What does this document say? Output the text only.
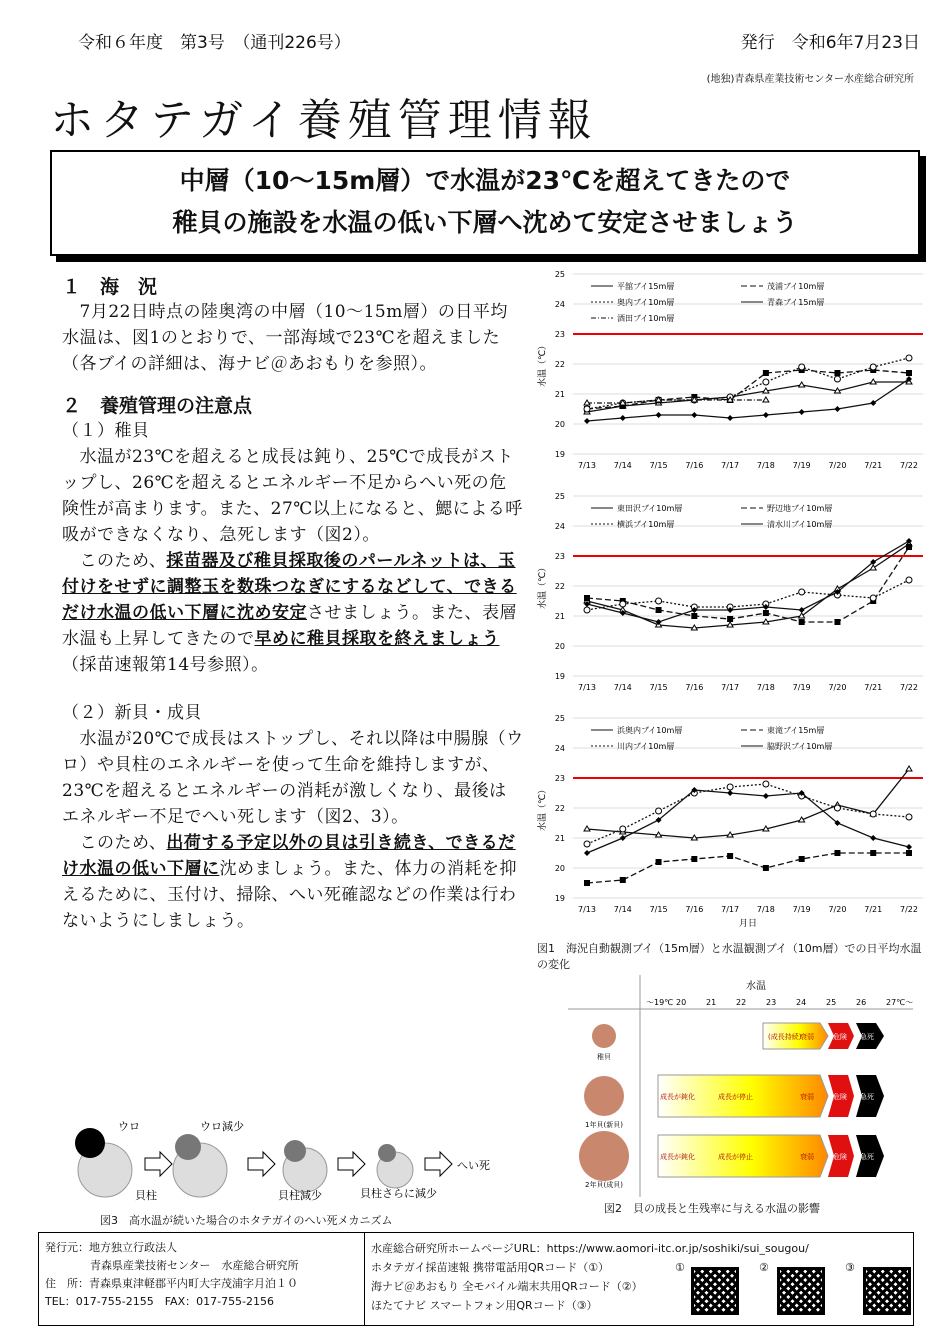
令和６年度　第3号　（通刊226号）	発行　令和6年7月23日
(地独)青森県産業技術センター水産総合研究所
ホタテガイ養殖管理情報
中層（10～15m層）で水温が23℃を超えてきたので
稚貝の施設を水温の低い下層へ沈めて安定させましょう
１　海　況
　7月22日時点の陸奥湾の中層（10～15m層）の日平均水温は、図1のとおりで、一部海域で23℃を超えました（各ブイの詳細は、海ナビ＠あおもりを参照）。
２　養殖管理の注意点
（１）稚貝
　水温が23℃を超えると成長は鈍り、25℃で成長がストップし、26℃を超えるとエネルギー不足からへい死の危険性が高まります。また、27℃以上になると、鰓による呼吸ができなくなり、急死します（図2）。
　このため、採苗器及び稚貝採取後のパールネットは、玉付けをせずに調整玉を数珠つなぎにするなどして、できるだけ水温の低い下層に沈め安定させましょう。また、表層水温も上昇してきたので早めに稚貝採取を終えましょう（採苗速報第14号参照）。
（２）新貝・成貝
　水温が20℃で成長はストップし、それ以降は中腸腺（ウロ）や貝柱のエネルギーを使って生命を維持しますが、23℃を超えるとエネルギーの消耗が激しくなり、最後はエネルギー不足でへい死します（図2、3）。
　このため、出荷する予定以外の貝は引き続き、できるだけ水温の低い下層に沈めましょう。また、体力の消耗を抑えるために、玉付け、掃除、へい死確認などの作業は行わないようにしましょう。
ウロ	ウロ減少
貝柱	貝柱減少	貝柱さらに減少
へい死
図3　高水温が続いた場合のホタテガイのへい死メカニズム
19
20
21
22
23
24
25
7/13 7/14 7/15 7/16 7/17 7/18 7/19 7/20 7/21 7/22
水温（℃）
平舘ブイ15m層	茂浦ブイ10m層
奥内ブイ10m層	青森ブイ15m層
酒田ブイ10m層
19
20
21
22
23
24
25
7/13 7/14 7/15 7/16 7/17 7/18 7/19 7/20 7/21 7/22
水温（℃）
東田沢ブイ10m層	野辺地ブイ10m層
横浜ブイ10m層	清水川ブイ10m層
19
20
21
22
23
24
25
7/13 7/14 7/15 7/16 7/17 7/18 7/19 7/20 7/21 7/22
水温（℃）
浜奥内ブイ10m層	東滝ブイ15m層
川内ブイ10m層	脇野沢ブイ10m層
月日
図1　海況自動観測ブイ（15m層）と水温観測ブイ（10m層）での日平均水温の変化
水温
～19℃ 20 21 22 23 24 25 26 27℃～
稚貝
(成長持続)
衰弱	危険 急死
1年貝(新貝)
成長が鈍化	成長が停止	衰弱	危険 急死
2年貝(成貝)
成長が鈍化	成長が停止	衰弱	危険 急死
図2　貝の成長と生残率に与える水温の影響
発行元：地方独立行政法人
青森県産業技術センター　水産総合研究所
住　所：青森県東津軽郡平内町大字茂浦字月泊１０
TEL：017-755-2155　FAX：017-755-2156
水産総合研究所ホームページURL：https://www.aomori-itc.or.jp/soshiki/sui_sougou/
ホタテガイ採苗速報 携帯電話用QRコード（①）
海ナビ＠あおもり 全モバイル端末共用QRコード（②）
ほたてナビ スマートフォン用QRコード（③）
①	②	③
